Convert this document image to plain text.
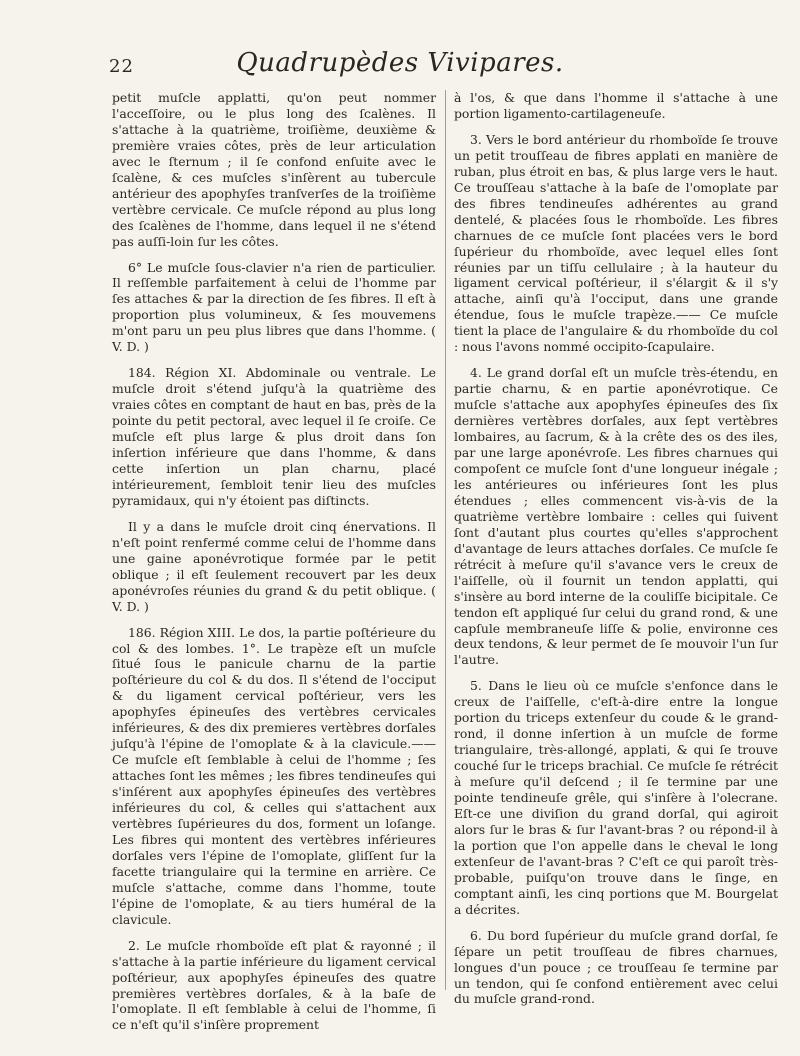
22	Quadrupèdes Vivipares.

petit muſcle applatti, qu'on peut nommer l'acceſſoire, ou le plus long des ſcalènes. Il s'attache à la quatrième, troiſième, deuxième & première vraies côtes, près de leur articulation avec le ſternum ; il ſe confond enſuite avec le ſcalène, & ces muſcles s'inſèrent au tubercule antérieur des apophyſes tranſverſes de la troiſième vertèbre cervicale. Ce muſcle répond au plus long des ſcalènes de l'homme, dans lequel il ne s'étend pas auſſi-loin ſur les côtes.

6° Le muſcle ſous-clavier n'a rien de particulier. Il reſſemble parfaitement à celui de l'homme par ſes attaches & par la direction de ſes fibres. Il eſt à proportion plus volumineux, & ſes mouvemens m'ont paru un peu plus libres que dans l'homme. ( V. D. )

184. Région XI. Abdominale ou ventrale. Le muſcle droit s'étend juſqu'à la quatrième des vraies côtes en comptant de haut en bas, près de la pointe du petit pectoral, avec lequel il ſe croiſe. Ce muſcle eſt plus large & plus droit dans ſon inſertion inférieure que dans l'homme, & dans cette inſertion un plan charnu, placé intérieurement, ſembloit tenir lieu des muſcles pyramidaux, qui n'y étoient pas diſtincts.

Il y a dans le muſcle droit cinq énervations. Il n'eſt point renfermé comme celui de l'homme dans une gaine aponévrotique formée par le petit oblique ; il eſt ſeulement recouvert par les deux aponévroſes réunies du grand & du petit oblique. ( V. D. )

186. Région XIII. Le dos, la partie poſtérieure du col & des lombes. 1°. Le trapèze eſt un muſcle ſitué ſous le panicule charnu de la partie poſtérieure du col & du dos. Il s'étend de l'occiput & du ligament cervical poſtérieur, vers les apophyſes épineuſes des vertèbres cervicales inférieures, & des dix premieres vertèbres dorſales juſqu'à l'épine de l'omoplate & à la clavicule.—— Ce muſcle eſt ſemblable à celui de l'homme ; ſes attaches ſont les mêmes ; les fibres tendineuſes qui s'inſérent aux apophyſes épineuſes des vertèbres inférieures du col, & celles qui s'attachent aux vertèbres ſupérieures du dos, forment un loſange. Les fibres qui montent des vertèbres inférieures dorſales vers l'épine de l'omoplate, gliſſent ſur la facette triangulaire qui la termine en arrière. Ce muſcle s'attache, comme dans l'homme, toute l'épine de l'omoplate, & au tiers huméral de la clavicule.

2. Le muſcle rhomboïde eſt plat & rayonné ; il s'attache à la partie inférieure du ligament cervical poſtérieur, aux apophyſes épineuſes des quatre premières vertèbres dorſales, & à la baſe de l'omoplate. Il eſt ſemblable à celui de l'homme, ſi ce n'eſt qu'il s'inſère proprement

à l'os, & que dans l'homme il s'attache à une portion ligamento-cartilageneuſe.

3. Vers le bord antérieur du rhomboïde ſe trouve un petit trouſſeau de fibres applati en manière de ruban, plus étroit en bas, & plus large vers le haut. Ce trouſſeau s'attache à la baſe de l'omoplate par des fibres tendineuſes adhérentes au grand dentelé, & placées ſous le rhomboïde. Les fibres charnues de ce muſcle ſont placées vers le bord ſupérieur du rhomboïde, avec lequel elles ſont réunies par un tiſſu cellulaire ; à la hauteur du ligament cervical poſtérieur, il s'élargit & il s'y attache, ainſi qu'à l'occiput, dans une grande étendue, ſous le muſcle trapèze.—— Ce muſcle tient la place de l'angulaire & du rhomboïde du col : nous l'avons nommé occipito-ſcapulaire.

4. Le grand dorſal eſt un muſcle très-étendu, en partie charnu, & en partie aponévrotique. Ce muſcle s'attache aux apophyſes épineuſes des ſix dernières vertèbres dorſales, aux ſept vertèbres lombaires, au ſacrum, & à la crête des os des iles, par une large aponévroſe. Les fibres charnues qui compoſent ce muſcle ſont d'une longueur inégale ; les antérieures ou inférieures ſont les plus étendues ; elles commencent vis-à-vis de la quatrième vertèbre lombaire : celles qui ſuivent ſont d'autant plus courtes qu'elles s'approchent d'avantage de leurs attaches dorſales. Ce muſcle ſe rétrécit à meſure qu'il s'avance vers le creux de l'aiſſelle, où il fournit un tendon applatti, qui s'insère au bord interne de la couliſſe bicipitale. Ce tendon eſt appliqué ſur celui du grand rond, & une capſule membraneuſe liſſe & polie, environne ces deux tendons, & leur permet de ſe mouvoir l'un ſur l'autre.

5. Dans le lieu où ce muſcle s'enfonce dans le creux de l'aiſſelle, c'eſt-à-dire entre la longue portion du triceps extenſeur du coude & le grand-rond, il donne inſertion à un muſcle de forme triangulaire, très-allongé, applati, & qui ſe trouve couché ſur le triceps brachial. Ce muſcle ſe rétrécit à meſure qu'il deſcend ; il ſe termine par une pointe tendineuſe grêle, qui s'inſère à l'olecrane. Eſt-ce une diviſion du grand dorſal, qui agiroit alors ſur le bras & ſur l'avant-bras ? ou répond-il à la portion que l'on appelle dans le cheval le long extenſeur de l'avant-bras ? C'eſt ce qui paroît très-probable, puiſqu'on trouve dans le ſinge, en comptant ainſi, les cinq portions que M. Bourgelat a décrites.

6. Du bord ſupérieur du muſcle grand dorſal, ſe ſépare un petit trouſſeau de fibres charnues, longues d'un pouce ; ce trouſſeau ſe termine par un tendon, qui ſe confond entièrement avec celui du muſcle grand-rond.
